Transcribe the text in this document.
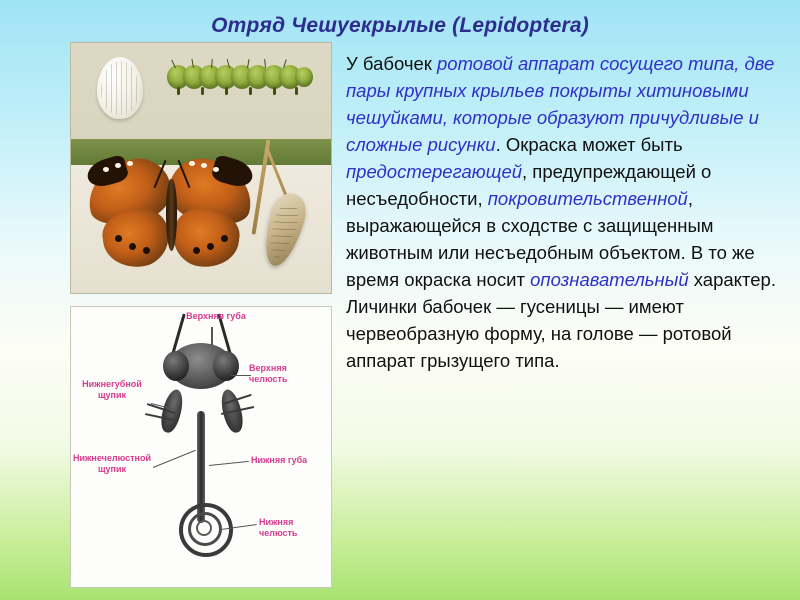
Отряд Чешуекрылые (Lepidoptera)
Верхняя губа
Верхняя челюсть
Нижнегубной щупик
Нижнечелюстной щупик
Нижняя губа
Нижняя челюсть
У бабочек ротовой аппарат сосущего типа, две пары крупных крыльев покрыты хитиновыми чешуйками, которые образуют причудливые и сложные рисунки. Окраска может быть предостерегающей, предупреждающей о несъедобности, покровительственной, выражающейся в сходстве с защищенным животным или несъедобным объектом. В то же время окраска носит опознавательный характер. Личинки бабочек — гусеницы — имеют червеобразную форму, на голове — ротовой аппарат грызущего типа.
